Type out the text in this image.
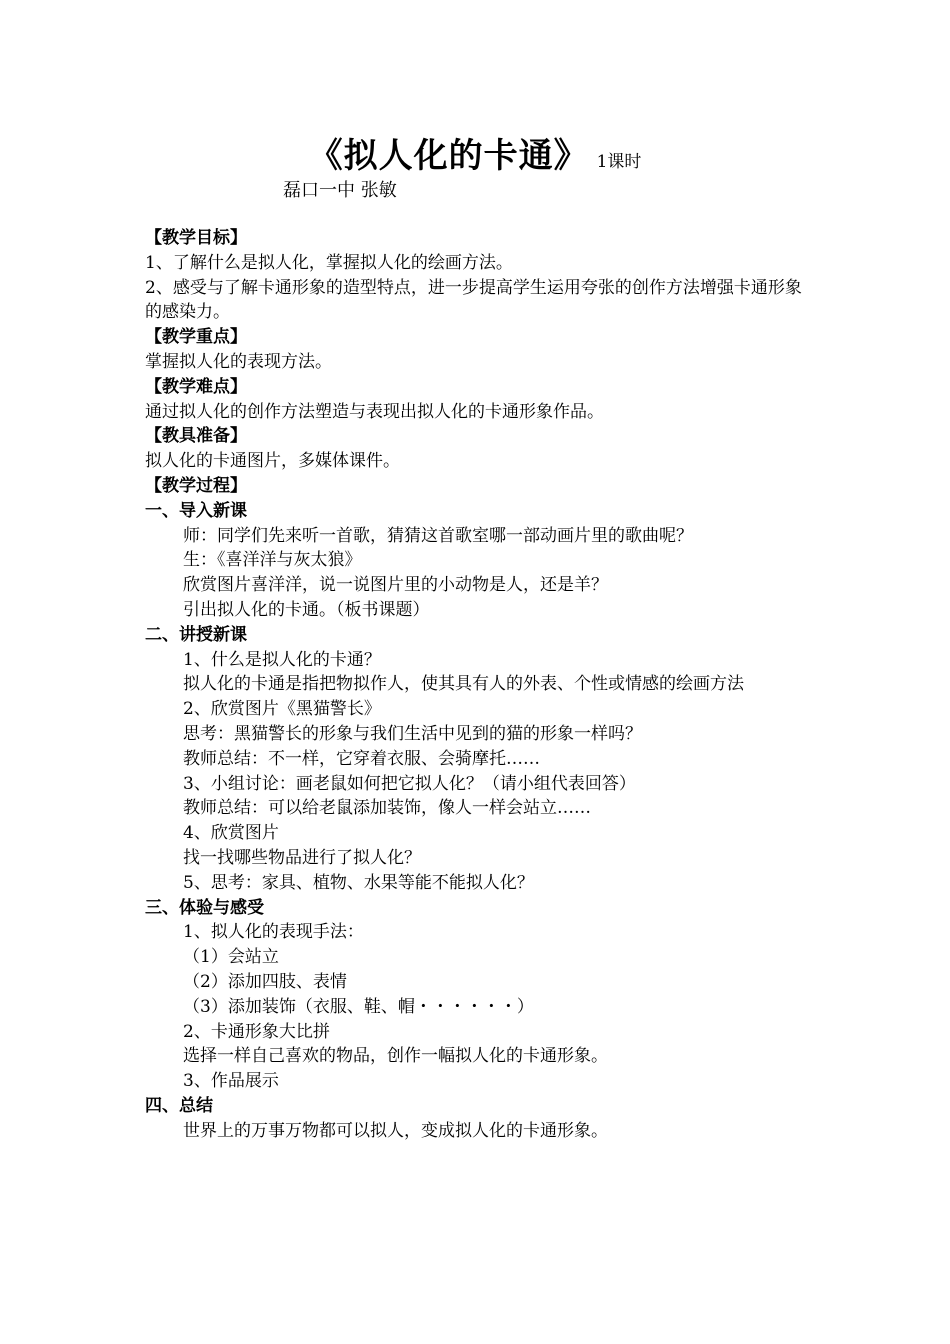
《拟人化的卡通》 1课时
磊口一中 张敏

【教学目标】

1、了解什么是拟人化，掌握拟人化的绘画方法。

2、感受与了解卡通形象的造型特点，进一步提高学生运用夸张的创作方法增强卡通形象的感染力。

【教学重点】

掌握拟人化的表现方法。

【教学难点】

通过拟人化的创作方法塑造与表现出拟人化的卡通形象作品。

【教具准备】

拟人化的卡通图片，多媒体课件。

【教学过程】

一、导入新课

师：同学们先来听一首歌，猜猜这首歌室哪一部动画片里的歌曲呢？

生：《喜洋洋与灰太狼》

欣赏图片喜洋洋，说一说图片里的小动物是人，还是羊？

引出拟人化的卡通。（板书课题）

二、讲授新课

1、什么是拟人化的卡通？

拟人化的卡通是指把物拟作人，使其具有人的外表、个性或情感的绘画方法

2、欣赏图片《黑猫警长》

思考：黑猫警长的形象与我们生活中见到的猫的形象一样吗？

教师总结：不一样，它穿着衣服、会骑摩托……

3、小组讨论：画老鼠如何把它拟人化？（请小组代表回答）

教师总结：可以给老鼠添加装饰，像人一样会站立……

4、欣赏图片

找一找哪些物品进行了拟人化？

5、思考：家具、植物、水果等能不能拟人化？

三、体验与感受

1、拟人化的表现手法：

（1）会站立

（2）添加四肢、表情

（3）添加装饰（衣服、鞋、帽・・・・・・）

2、卡通形象大比拼

选择一样自己喜欢的物品，创作一幅拟人化的卡通形象。

3、作品展示

四、总结

世界上的万事万物都可以拟人，变成拟人化的卡通形象。
